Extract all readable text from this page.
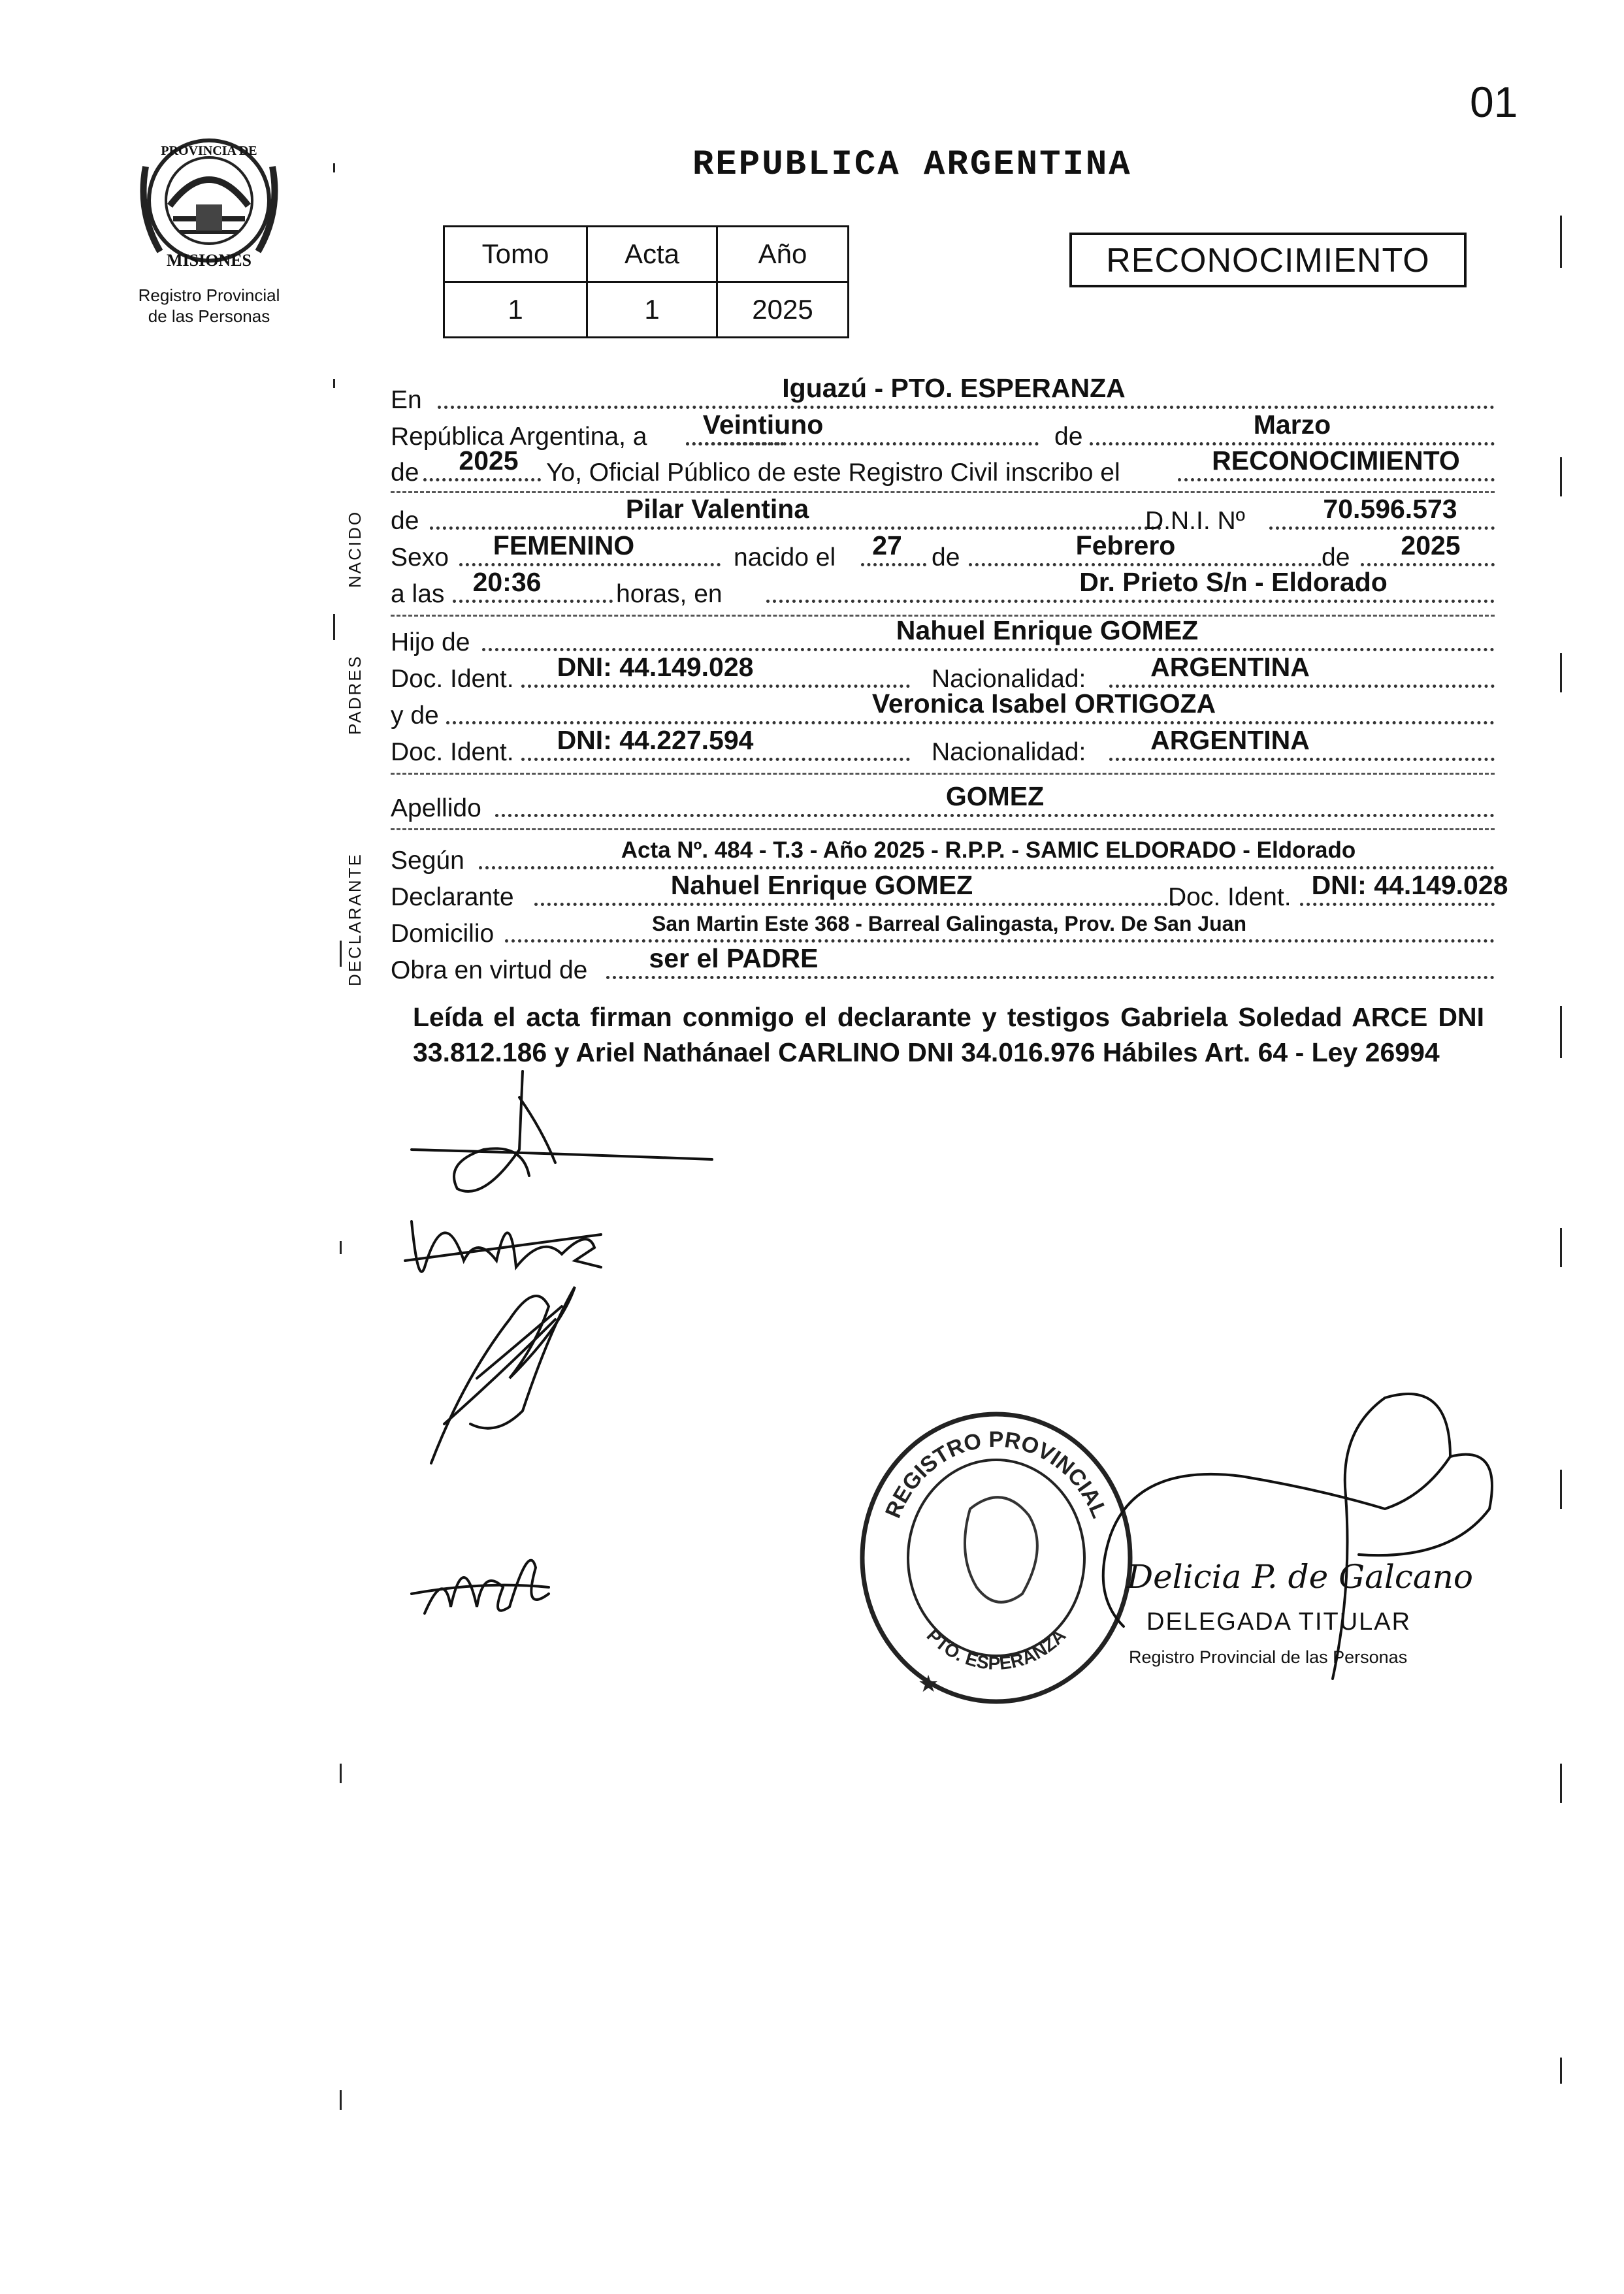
01
REPUBLICA ARGENTINA
PROVINCIA DE
MISIONES
Registro Provincial
de las Personas
Tomo	Acta	Año
1	1	2025
RECONOCIMIENTO
NACIDO
PADRES
DECLARANTE
En	Iguazú - PTO. ESPERANZA
República Argentina, a Veintiuno	de	Marzo
de 2025 Yo, Oficial Público de este Registro Civil inscribo el	RECONOCIMIENTO
de	Pilar Valentina	D.N.I. Nº	70.596.573
Sexo FEMENINO	nacido el 27 de	Febrero	de 2025
a las 20:36	horas, en	Dr. Prieto S/n - Eldorado
Hijo de	Nahuel Enrique GOMEZ
Doc. Ident. DNI: 44.149.028	Nacionalidad: ARGENTINA
y de	Veronica Isabel ORTIGOZA
Doc. Ident. DNI: 44.227.594	Nacionalidad: ARGENTINA
Apellido	GOMEZ
Según	Acta Nº. 484 - T.3 - Año 2025 - R.P.P. - SAMIC ELDORADO - Eldorado
Declarante	Nahuel Enrique GOMEZ	Doc. Ident. DNI: 44.149.028
Domicilio	San Martin Este 368 - Barreal Galingasta, Prov. De San Juan
Obra en virtud de ser el PADRE
Leída el acta firman conmigo el declarante y testigos Gabriela Soledad ARCE DNI 33.812.186 y Ariel Nathánael CARLINO DNI 34.016.976 Hábiles Art. 64 - Ley 26994
REGISTRO PROVINCIAL
PTO. ESPERANZA
★
Delicia P. de Galcano
DELEGADA TITULAR
Registro Provincial de las Personas
